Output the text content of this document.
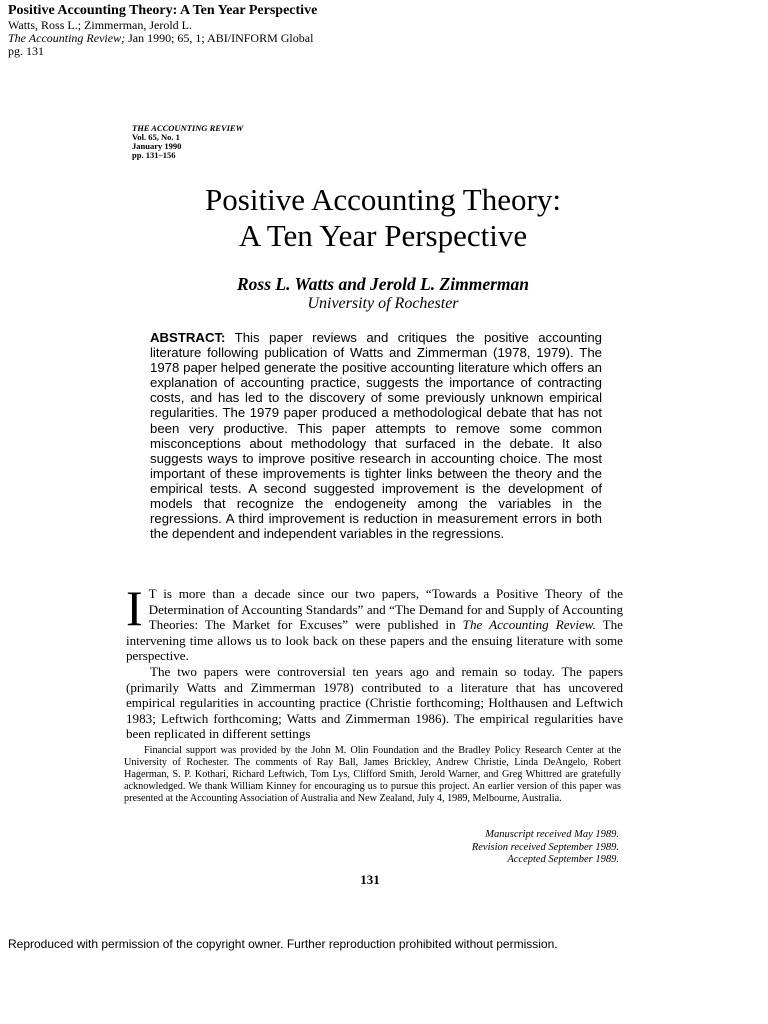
Positive Accounting Theory: A Ten Year Perspective
Watts, Ross L.; Zimmerman, Jerold L.
The Accounting Review; Jan 1990; 65, 1; ABI/INFORM Global
pg. 131
THE ACCOUNTING REVIEW
Vol. 65, No. 1
January 1990
pp. 131–156
Positive Accounting Theory:
A Ten Year Perspective
Ross L. Watts and Jerold L. Zimmerman
University of Rochester
ABSTRACT: This paper reviews and critiques the positive accounting literature following publication of Watts and Zimmerman (1978, 1979). The 1978 paper helped generate the positive accounting literature which offers an explanation of accounting practice, suggests the importance of contracting costs, and has led to the discovery of some previously unknown empirical regularities. The 1979 paper produced a methodological debate that has not been very productive. This paper attempts to remove some common misconceptions about methodology that surfaced in the debate. It also suggests ways to improve positive research in accounting choice. The most important of these improvements is tighter links between the theory and the empirical tests. A second suggested improvement is the development of models that recognize the endogeneity among the variables in the regressions. A third improvement is reduction in measurement errors in both the dependent and independent variables in the regressions.

I T is more than a decade since our two papers, “Towards a Positive Theory of the Determination of Accounting Standards” and “The Demand for and Supply of Accounting Theories: The Market for Excuses” were published in The Accounting Review. The intervening time allows us to look back on these papers and the ensuing literature with some perspective.

The two papers were controversial ten years ago and remain so today. The papers (primarily Watts and Zimmerman 1978) contributed to a literature that has uncovered empirical regularities in accounting practice (Christie forthcoming; Holthausen and Leftwich 1983; Leftwich forthcoming; Watts and Zimmerman 1986). The empirical regularities have been replicated in different settings

Financial support was provided by the John M. Olin Foundation and the Bradley Policy Research Center at the University of Rochester. The comments of Ray Ball, James Brickley, Andrew Christie, Linda DeAngelo, Robert Hagerman, S. P. Kothari, Richard Leftwich, Tom Lys, Clifford Smith, Jerold Warner, and Greg Whittred are gratefully acknowledged. We thank William Kinney for encouraging us to pursue this project. An earlier version of this paper was presented at the Accounting Association of Australia and New Zealand, July 4, 1989, Melbourne, Australia.
Manuscript received May 1989.
Revision received September 1989.
Accepted September 1989.
131
Reproduced with permission of the copyright owner. Further reproduction prohibited without permission.
